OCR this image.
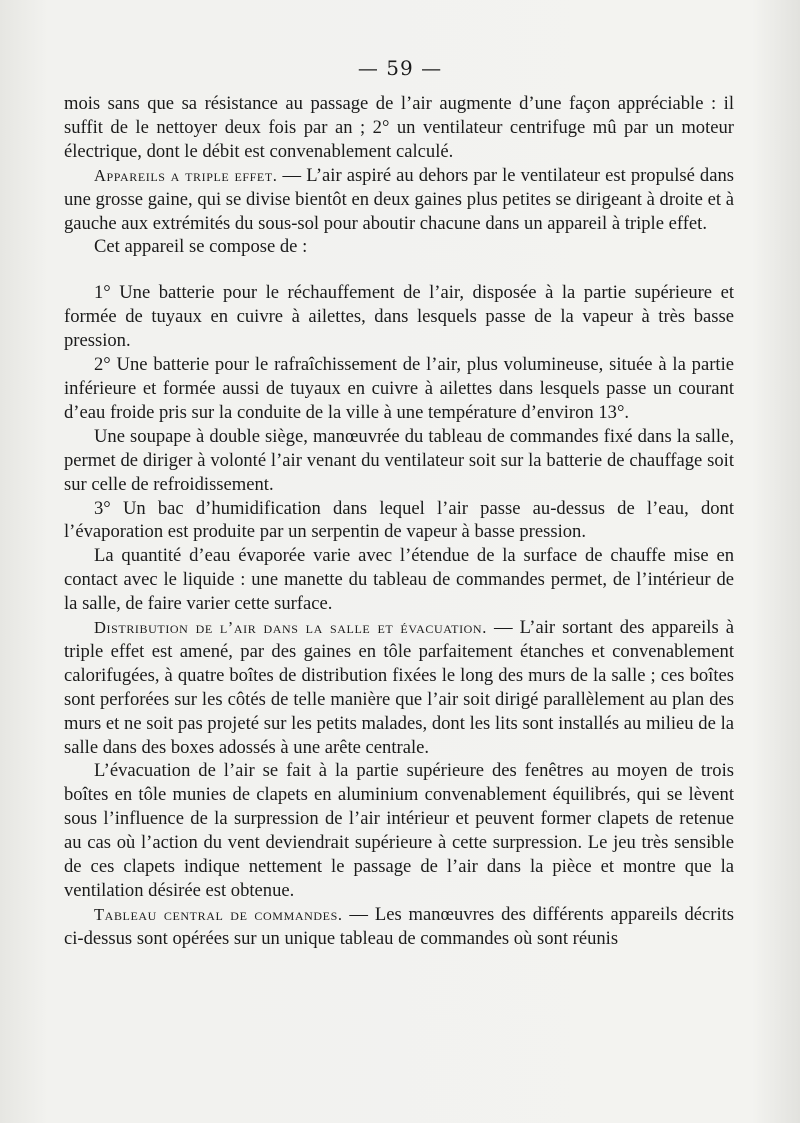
— 59 —

mois sans que sa résistance au passage de l’air augmente d’une façon appréciable : il suffit de le nettoyer deux fois par an ; 2° un ventilateur centrifuge mû par un moteur électrique, dont le débit est convenablement calculé.

Appareils a triple effet. — L’air aspiré au dehors par le ventilateur est propulsé dans une grosse gaine, qui se divise bientôt en deux gaines plus petites se dirigeant à droite et à gauche aux extrémités du sous-sol pour aboutir chacune dans un appareil à triple effet.

Cet appareil se compose de :

1° Une batterie pour le réchauffement de l’air, disposée à la partie supérieure et formée de tuyaux en cuivre à ailettes, dans lesquels passe de la vapeur à très basse pression.

2° Une batterie pour le rafraîchissement de l’air, plus volumineuse, située à la partie inférieure et formée aussi de tuyaux en cuivre à ailettes dans lesquels passe un courant d’eau froide pris sur la conduite de la ville à une température d’environ 13°.

Une soupape à double siège, manœuvrée du tableau de commandes fixé dans la salle, permet de diriger à volonté l’air venant du ventilateur soit sur la batterie de chauffage soit sur celle de refroidissement.

3° Un bac d’humidification dans lequel l’air passe au-dessus de l’eau, dont l’évaporation est produite par un serpentin de vapeur à basse pression.

La quantité d’eau évaporée varie avec l’étendue de la surface de chauffe mise en contact avec le liquide : une manette du tableau de commandes permet, de l’intérieur de la salle, de faire varier cette surface.

Distribution de l’air dans la salle et évacuation. — L’air sortant des appareils à triple effet est amené, par des gaines en tôle parfaitement étanches et convenablement calorifugées, à quatre boîtes de distribution fixées le long des murs de la salle ; ces boîtes sont perforées sur les côtés de telle manière que l’air soit dirigé parallèlement au plan des murs et ne soit pas projeté sur les petits malades, dont les lits sont installés au milieu de la salle dans des boxes adossés à une arête centrale.

L’évacuation de l’air se fait à la partie supérieure des fenêtres au moyen de trois boîtes en tôle munies de clapets en aluminium convenablement équilibrés, qui se lèvent sous l’influence de la surpression de l’air intérieur et peuvent former clapets de retenue au cas où l’action du vent deviendrait supérieure à cette surpression. Le jeu très sensible de ces clapets indique nettement le passage de l’air dans la pièce et montre que la ventilation désirée est obtenue.

Tableau central de commandes. — Les manœuvres des différents appareils décrits ci-dessus sont opérées sur un unique tableau de commandes où sont réunis
